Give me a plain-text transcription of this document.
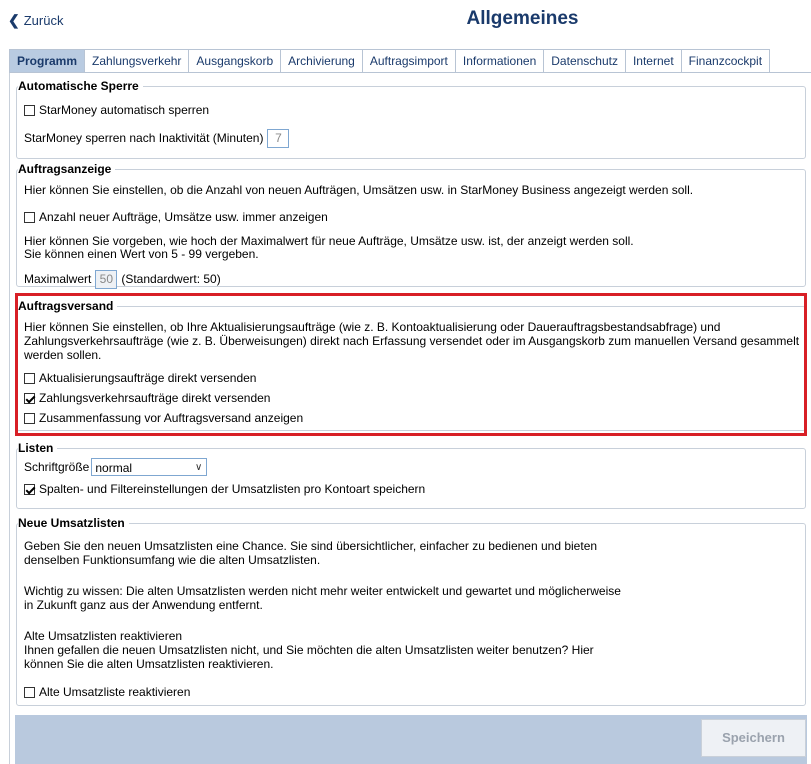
❮ Zurück	Allgemeines
Programm	Zahlungsverkehr	Ausgangskorb	Archivierung	Auftragsimport	Informationen	Datenschutz	Internet	Finanzcockpit
Automatische Sperre
StarMoney automatisch sperren
StarMoney sperren nach Inaktivität (Minuten) 7
Auftragsanzeige
Hier können Sie einstellen, ob die Anzahl von neuen Aufträgen, Umsätzen usw. in StarMoney Business angezeigt werden soll.
Anzahl neuer Aufträge, Umsätze usw. immer anzeigen
Hier können Sie vorgeben, wie hoch der Maximalwert für neue Aufträge, Umsätze usw. ist, der anzeigt werden soll.
Sie können einen Wert von 5 - 99 vergeben.
Maximalwert 50 (Standardwert: 50)
Auftragsversand
Hier können Sie einstellen, ob Ihre Aktualisierungsaufträge (wie z. B. Kontoaktualisierung oder Dauerauftragsbestandsabfrage) und
Zahlungsverkehrsaufträge (wie z. B. Überweisungen) direkt nach Erfassung versendet oder im Ausgangskorb zum manuellen Versand gesammelt
werden sollen.
Aktualisierungsaufträge direkt versenden
Zahlungsverkehrsaufträge direkt versenden
Zusammenfassung vor Auftragsversand anzeigen
Listen
Schriftgröße normal	∨
Spalten- und Filtereinstellungen der Umsatzlisten pro Kontoart speichern
Neue Umsatzlisten
Geben Sie den neuen Umsatzlisten eine Chance. Sie sind übersichtlicher, einfacher zu bedienen und bieten
denselben Funktionsumfang wie die alten Umsatzlisten.
Wichtig zu wissen: Die alten Umsatzlisten werden nicht mehr weiter entwickelt und gewartet und möglicherweise
in Zukunft ganz aus der Anwendung entfernt.
Alte Umsatzlisten reaktivieren
Ihnen gefallen die neuen Umsatzlisten nicht, und Sie möchten die alten Umsatzlisten weiter benutzen? Hier
können Sie die alten Umsatzlisten reaktivieren.
Alte Umsatzliste reaktivieren
Speichern
